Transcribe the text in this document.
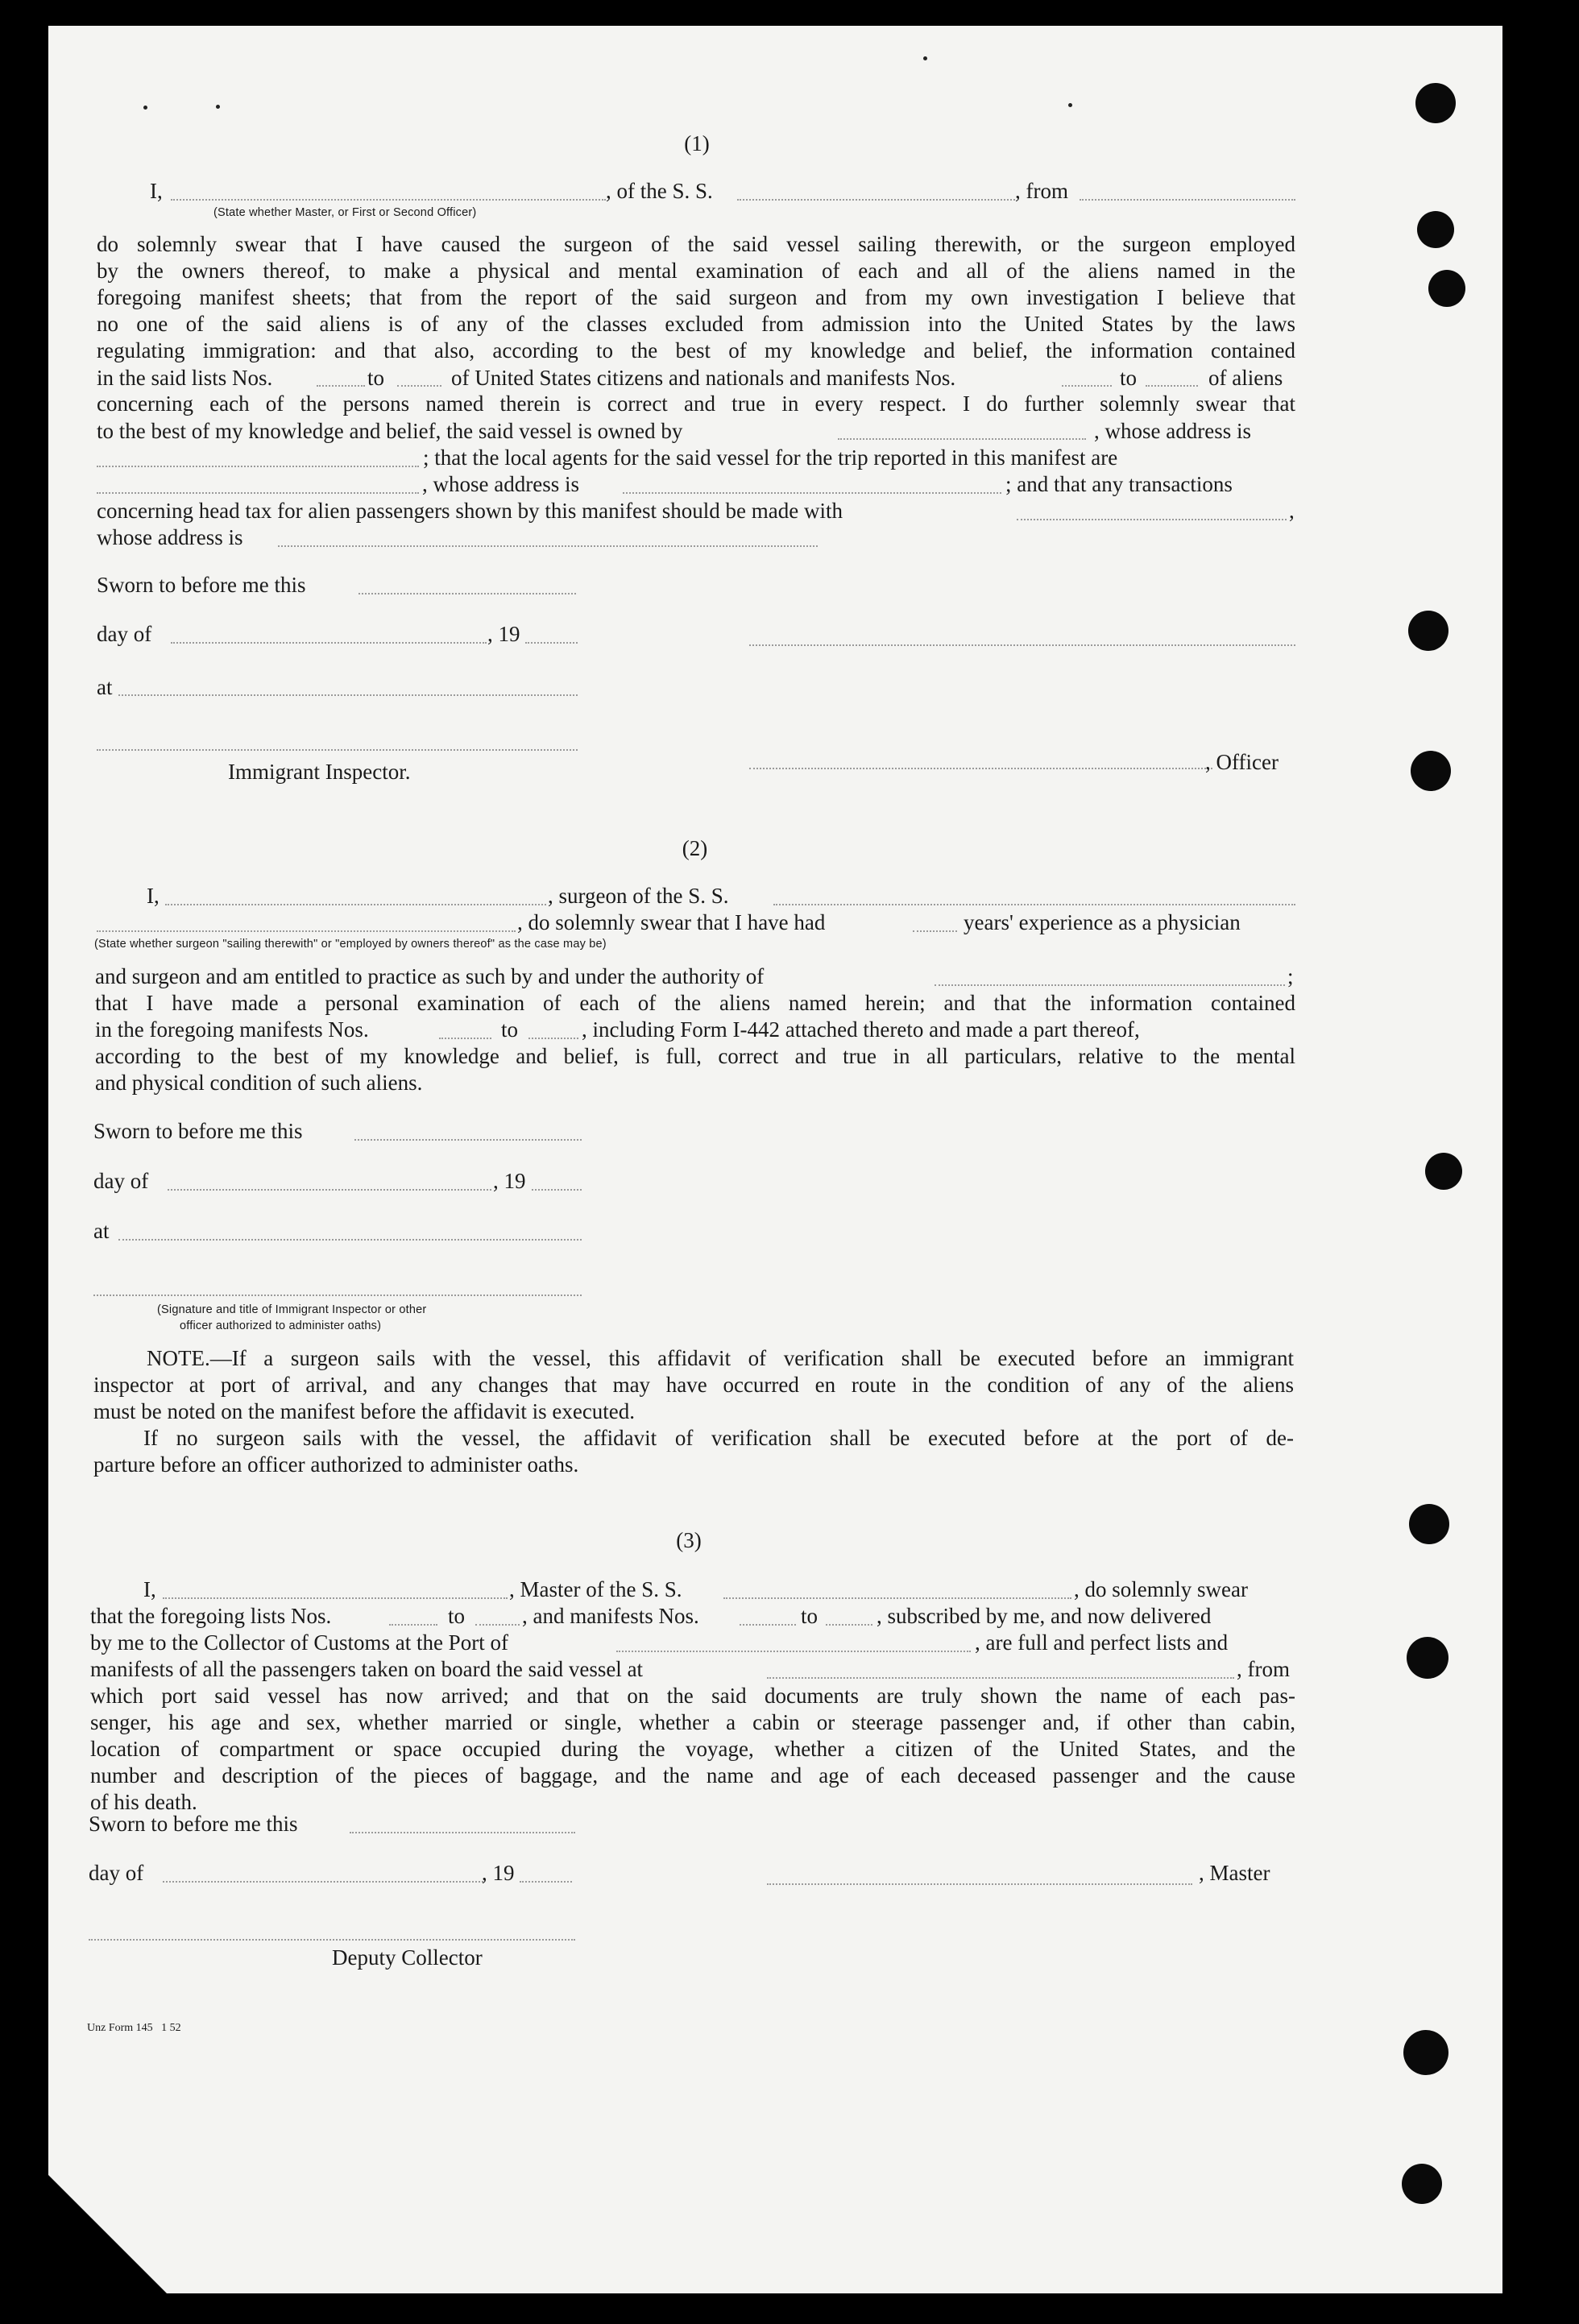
(1)
I,	, of the S. S.	, from
(State whether Master, or First or Second Officer)
do solemnly swear that I have caused the surgeon of the said vessel sailing therewith, or the surgeon employed
by the owners thereof, to make a physical and mental examination of each and all of the aliens named in the
foregoing manifest sheets; that from the report of the said surgeon and from my own investigation I believe that
no one of the said aliens is of any of the classes excluded from admission into the United States by the laws
regulating immigration: and that also, according to the best of my knowledge and belief, the information contained
in the said lists Nos.	to	of United States citizens and nationals and manifests Nos.	to	of aliens
concerning each of the persons named therein is correct and true in every respect. I do further solemnly swear that
to the best of my knowledge and belief, the said vessel is owned by	, whose address is
; that the local agents for the said vessel for the trip reported in this manifest are
, whose address is	; and that any transactions
concerning head tax for alien passengers shown by this manifest should be made with	,
whose address is
Sworn to before me this
day of	, 19
at
Immigrant Inspector.	, Officer
(2)
I,	, surgeon of the S. S.
, do solemnly swear that I have had	years' experience as a physician
(State whether surgeon "sailing therewith" or "employed by owners thereof" as the case may be)
and surgeon and am entitled to practice as such by and under the authority of	;
that I have made a personal examination of each of the aliens named herein; and that the information contained
in the foregoing manifests Nos.	to	, including Form I-442 attached thereto and made a part thereof,
according to the best of my knowledge and belief, is full, correct and true in all particulars, relative to the mental
and physical condition of such aliens.
Sworn to before me this
day of	, 19
at
(Signature and title of Immigrant Inspector or other
officer authorized to administer oaths)
NOTE.—If a surgeon sails with the vessel, this affidavit of verification shall be executed before an immigrant
inspector at port of arrival, and any changes that may have occurred en route in the condition of any of the aliens
must be noted on the manifest before the affidavit is executed.
If no surgeon sails with the vessel, the affidavit of verification shall be executed before at the port of de-
parture before an officer authorized to administer oaths.
(3)
I,	, Master of the S. S.	, do solemnly swear
that the foregoing lists Nos.	to	, and manifests Nos.	to	, subscribed by me, and now delivered
by me to the Collector of Customs at the Port of	, are full and perfect lists and
manifests of all the passengers taken on board the said vessel at	, from
which port said vessel has now arrived; and that on the said documents are truly shown the name of each pas-
senger, his age and sex, whether married or single, whether a cabin or steerage passenger and, if other than cabin,
location of compartment or space occupied during the voyage, whether a citizen of the United States, and the
number and description of the pieces of baggage, and the name and age of each deceased passenger and the cause
of his death.
Sworn to before me this
day of	, 19	, Master
Deputy Collector
Unz Form 145   1 52
